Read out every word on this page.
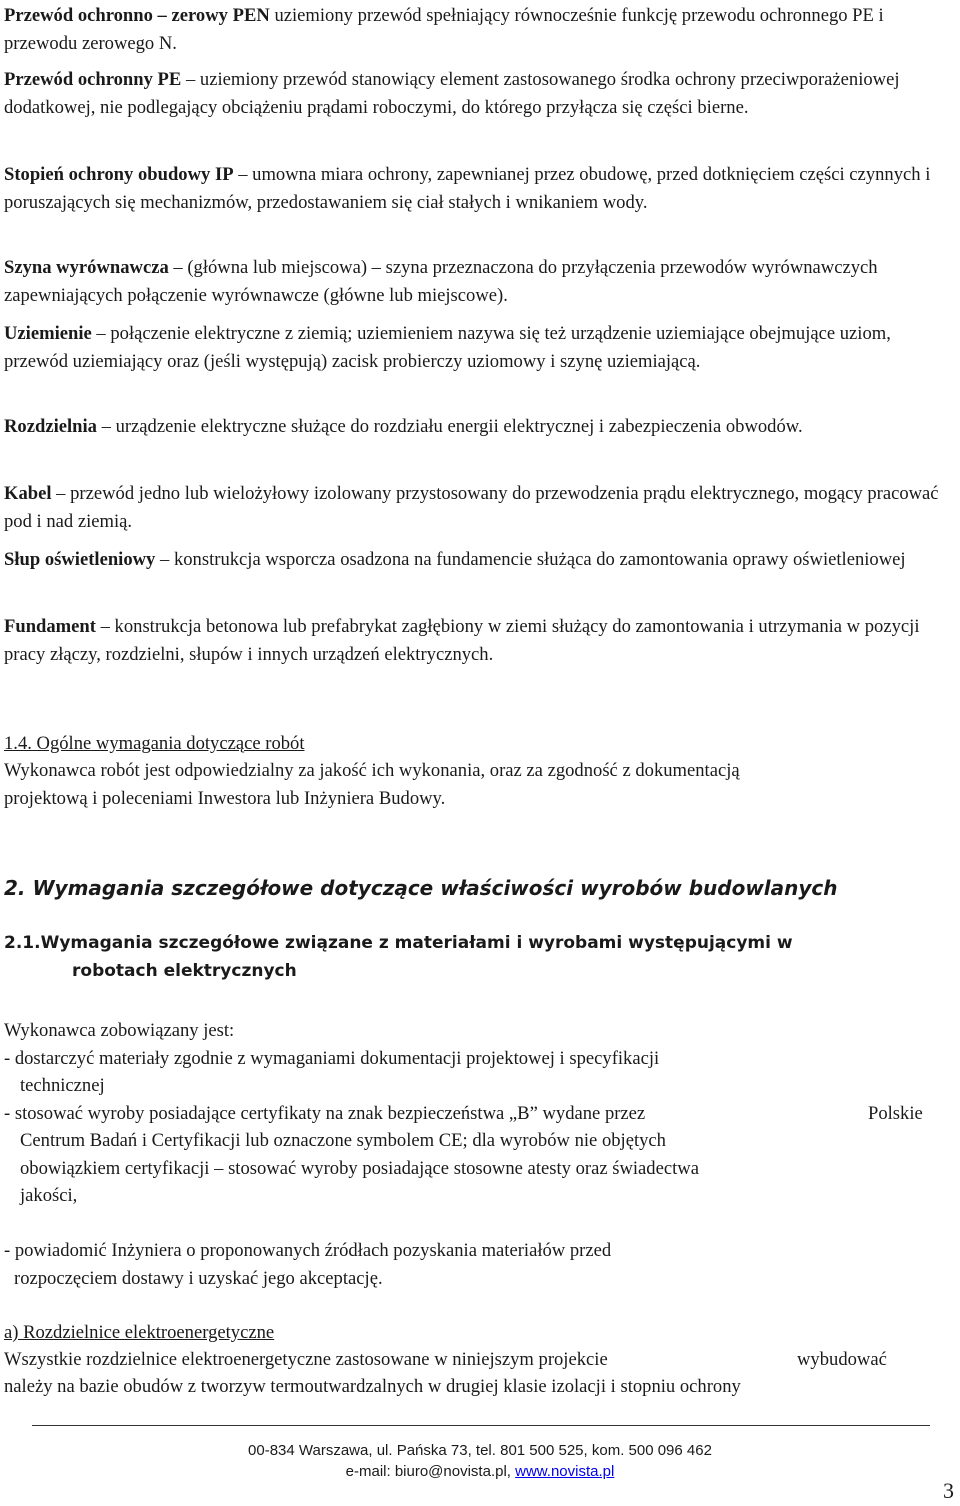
Przewód ochronno – zerowy PEN uziemiony przewód spełniający równocześnie funkcję przewodu ochronnego PE i przewodu zerowego N.

Przewód ochronny PE – uziemiony przewód stanowiący element zastosowanego środka ochrony przeciwporażeniowej dodatkowej, nie podlegający obciążeniu prądami roboczymi, do którego przyłącza się części bierne.

Stopień ochrony obudowy IP – umowna miara ochrony, zapewnianej przez obudowę, przed dotknięciem części czynnych i poruszających się mechanizmów, przedostawaniem się ciał stałych i wnikaniem wody.

Szyna wyrównawcza – (główna lub miejscowa) – szyna przeznaczona do przyłączenia przewodów wyrównawczych zapewniających połączenie wyrównawcze (główne lub miejscowe).

Uziemienie – połączenie elektryczne z ziemią; uziemieniem nazywa się też urządzenie uziemiające obejmujące uziom, przewód uziemiający oraz (jeśli występują) zacisk probierczy uziomowy i szynę uziemiającą.

Rozdzielnia – urządzenie elektryczne służące do rozdziału energii elektrycznej i zabezpieczenia obwodów.

Kabel – przewód jedno lub wielożyłowy izolowany przystosowany do przewodzenia prądu elektrycznego, mogący pracować pod i nad ziemią.

Słup oświetleniowy – konstrukcja wsporcza osadzona na fundamencie służąca do zamontowania oprawy oświetleniowej

Fundament – konstrukcja betonowa lub prefabrykat zagłębiony w ziemi służący do zamontowania i utrzymania w pozycji pracy złączy, rozdzielni, słupów i innych urządzeń elektrycznych.

1.4. Ogólne wymagania dotyczące robót
Wykonawca robót jest odpowiedzialny za jakość ich wykonania, oraz za zgodność z dokumentacją
projektową i poleceniami Inwestora lub Inżyniera Budowy.
2. Wymagania szczegółowe dotyczące właściwości wyrobów budowlanych
2.1.Wymagania szczegółowe związane z materiałami i wyrobami występującymi w
robotach elektrycznych
Wykonawca zobowiązany jest:
- dostarczyć materiały zgodnie z wymaganiami dokumentacji projektowej i specyfikacji
technicznej
- stosować wyroby posiadające certyfikaty na znak bezpieczeństwa „B” wydane przez	Polskie
Centrum Badań i Certyfikacji lub oznaczone symbolem CE; dla wyrobów nie objętych
obowiązkiem certyfikacji – stosować wyroby posiadające stosowne atesty oraz świadectwa
jakości,
- powiadomić Inżyniera o proponowanych źródłach pozyskania materiałów przed
rozpoczęciem dostawy i uzyskać jego akceptację.
a) Rozdzielnice elektroenergetyczne
Wszystkie rozdzielnice elektroenergetyczne zastosowane w niniejszym projekcie	wybudować
należy na bazie obudów z tworzyw termoutwardzalnych w drugiej klasie izolacji i stopniu ochrony
00-834 Warszawa, ul. Pańska 73, tel. 801 500 525, kom. 500 096 462
e-mail: biuro@novista.pl, www.novista.pl
3
